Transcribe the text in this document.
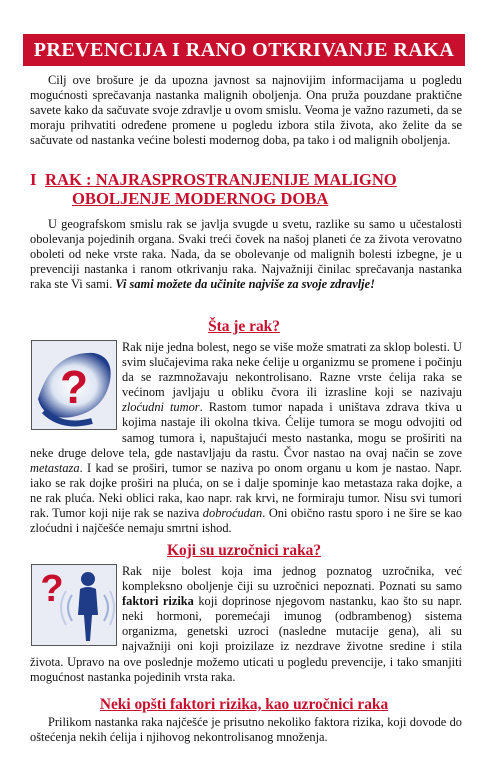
PREVENCIJA I RANO OTKRIVANJE RAKA

Cilj ove brošure je da upozna javnost sa najnovijim informacijama u pogledu mogućnosti sprečavanja nastanka malignih oboljenja. Ona pruža pouzdane praktične savete kako da sačuvate svoje zdravlje u ovom smislu. Veoma je važno razumeti, da se moraju prihvatiti određene promene u pogledu izbora stila života, ako želite da se sačuvate od nastanka većine bolesti modernog doba, pa tako i od malignih oboljenja.

I RAK : NAJRASPROSTRANJENIJE MALIGNO
OBOLJENJE MODERNOG DOBA

U geografskom smislu rak se javlja svugde u svetu, razlike su samo u učestalosti obolevanja pojedinih organa. Svaki treći čovek na našoj planeti će za života verovatno oboleti od neke vrste raka. Nada, da se obolevanje od malignih bolesti izbegne, je u prevenciji nastanka i ranom otkrivanju raka. Najvažniji činilac sprečavanja nastanka raka ste Vi sami. Vi sami možete da učinite najviše za svoje zdravlje!

Šta je rak?
?
Rak nije jedna bolest, nego se više može smatrati za sklop bolesti. U svim slučajevima raka neke ćelije u organizmu se promene i počinju da se razmnožavaju nekontrolisano. Razne vrste ćelija raka se većinom javljaju u obliku čvora ili izrasline koji se nazivaju zloćudni tumor. Rastom tumor napada i uništava zdrava tkiva u kojima nastaje ili okolna tkiva. Ćelije tumora se mogu odvojiti od samog tumora i, napuštajući mesto nastanka, mogu se proširiti na neke druge delove tela, gde nastavljaju da rastu. Čvor nastao na ovaj način se zove metastaza. I kad se proširi, tumor se naziva po onom organu u kom je nastao. Napr. iako se rak dojke proširi na pluća, on se i dalje spominje kao metastaza raka dojke, a ne rak pluća. Neki oblici raka, kao napr. rak krvi, ne formiraju tumor. Nisu svi tumori rak. Tumor koji nije rak se naziva dobroćudan. Oni obično rastu sporo i ne šire se kao zloćudni i najčešće nemaju smrtni ishod.
Koji su uzročnici raka?
?	Rak nije bolest koja ima jednog poznatog uzročnika, već kompleksno oboljenje čiji su uzročnici nepoznati. Poznati su samo faktori rizika koji doprinose njegovom nastanku, kao što su napr. neki hormoni, poremećaji imunog (odbrambenog) sistema organizma, genetski uzroci (nasledne mutacije gena), ali su najvažniji oni koji proizilaze iz nezdrave životne sredine i stila života. Upravo na ove poslednje možemo uticati u pogledu prevencije, i tako smanjiti mogućnost nastanka pojedinih vrsta raka.
Neki opšti faktori rizika, kao uzročnici raka

Prilikom nastanka raka najčešće je prisutno nekoliko faktora rizika, koji dovode do oštećenja nekih ćelija i njihovog nekontrolisanog množenja.
